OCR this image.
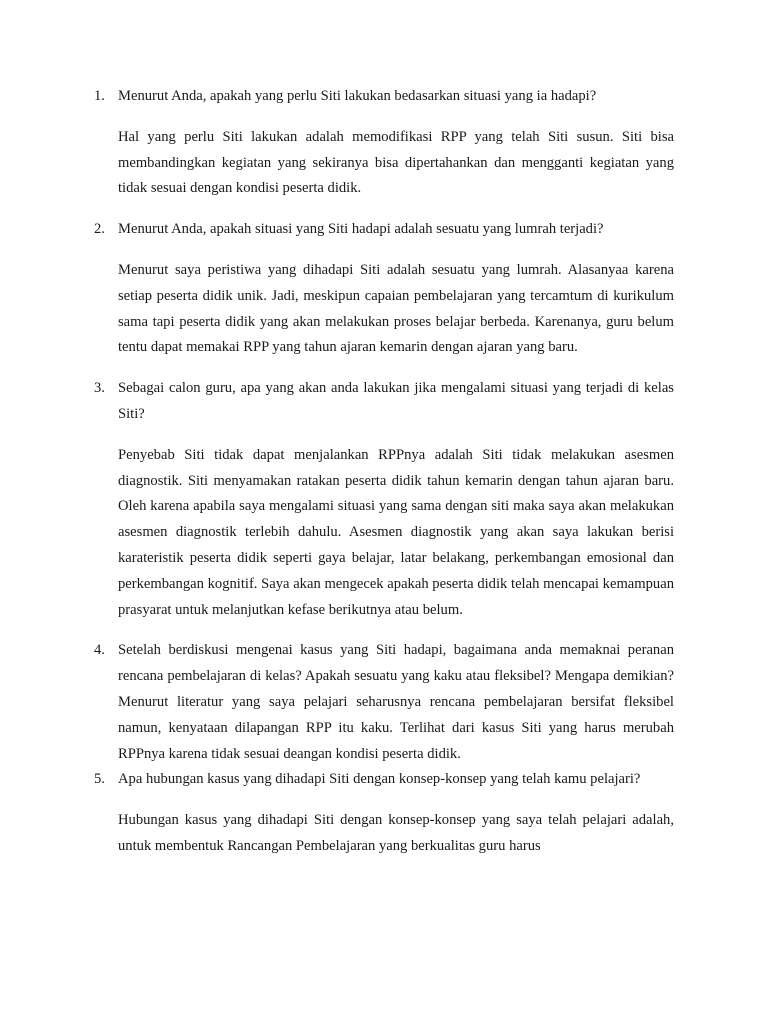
1. Menurut Anda, apakah yang perlu Siti lakukan bedasarkan situasi yang ia hadapi?

Hal yang perlu Siti lakukan adalah memodifikasi RPP yang telah Siti susun. Siti bisa membandingkan kegiatan yang sekiranya bisa dipertahankan dan mengganti kegiatan yang tidak sesuai dengan kondisi peserta didik.

2. Menurut Anda, apakah situasi yang Siti hadapi adalah sesuatu yang lumrah terjadi?

Menurut saya peristiwa yang dihadapi Siti adalah sesuatu yang lumrah. Alasanyaa karena setiap peserta didik unik. Jadi, meskipun capaian pembelajaran yang tercamtum di kurikulum sama tapi peserta didik yang akan melakukan proses belajar berbeda. Karenanya, guru belum tentu dapat memakai RPP yang tahun ajaran kemarin dengan ajaran yang baru.

3. Sebagai calon guru, apa yang akan anda lakukan jika mengalami situasi yang terjadi di kelas Siti?

Penyebab Siti tidak dapat menjalankan RPPnya adalah Siti tidak melakukan asesmen diagnostik. Siti menyamakan ratakan peserta didik tahun kemarin dengan tahun ajaran baru. Oleh karena apabila saya mengalami situasi yang sama dengan siti maka saya akan melakukan asesmen diagnostik terlebih dahulu. Asesmen diagnostik yang akan saya lakukan berisi karateristik peserta didik seperti gaya belajar, latar belakang, perkembangan emosional dan perkembangan kognitif. Saya akan mengecek apakah peserta didik telah mencapai kemampuan prasyarat untuk melanjutkan kefase berikutnya atau belum.

4. Setelah berdiskusi mengenai kasus yang Siti hadapi, bagaimana anda memaknai peranan rencana pembelajaran di kelas? Apakah sesuatu yang kaku atau fleksibel? Mengapa demikian? Menurut literatur yang saya pelajari seharusnya rencana pembelajaran bersifat fleksibel namun, kenyataan dilapangan RPP itu kaku. Terlihat dari kasus Siti yang harus merubah RPPnya karena tidak sesuai deangan kondisi peserta didik.

5. Apa hubungan kasus yang dihadapi Siti dengan konsep-konsep yang telah kamu pelajari?

Hubungan kasus yang dihadapi Siti dengan konsep-konsep yang saya telah pelajari adalah, untuk membentuk Rancangan Pembelajaran yang berkualitas guru harus
